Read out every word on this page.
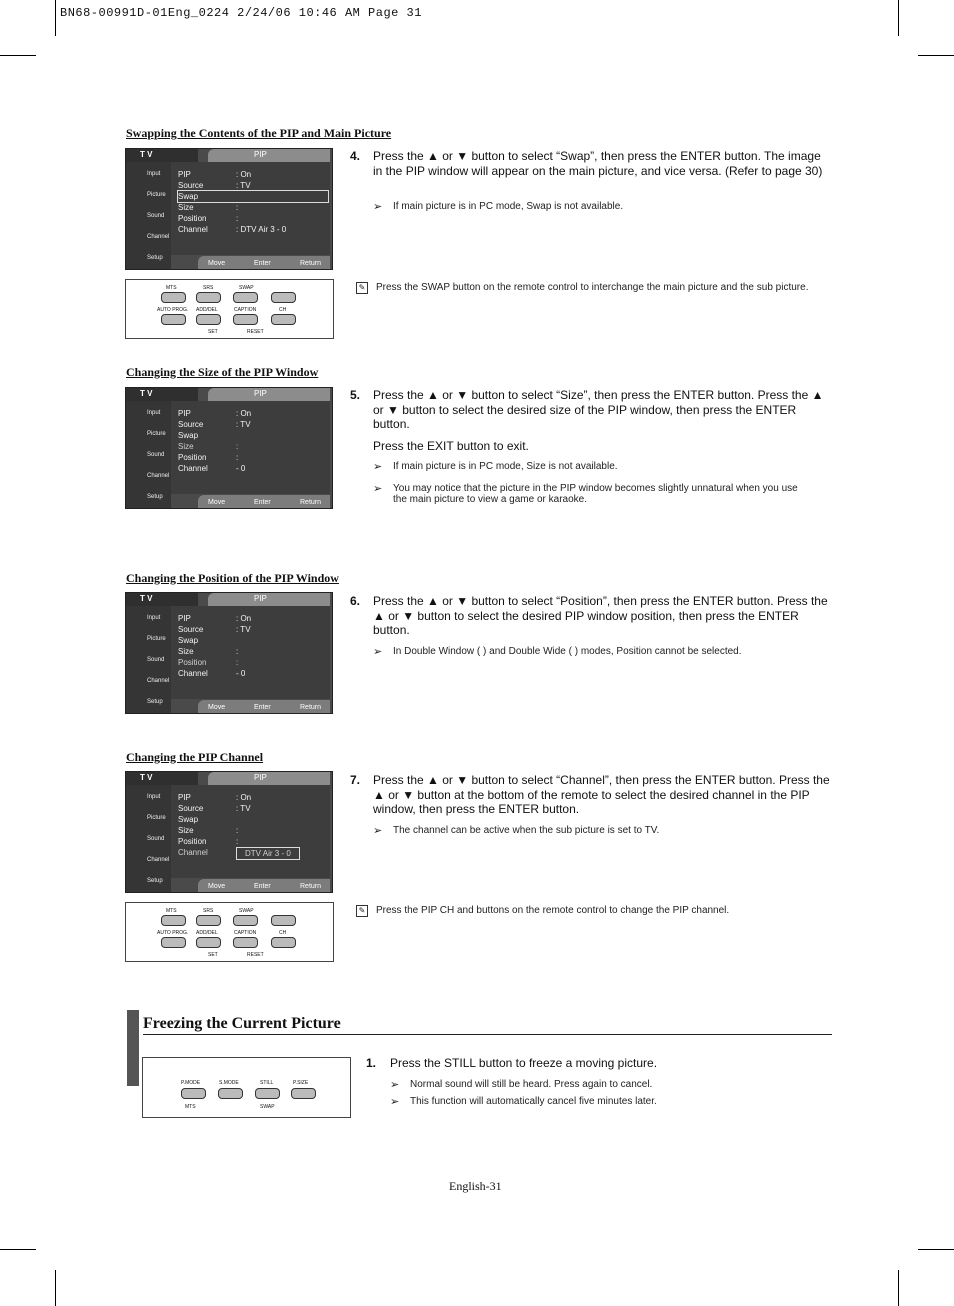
BN68-00991D-01Eng_0224 2/24/06 10:46 AM Page 31
Swapping the Contents of the PIP and Main Picture
Changing the Size of the PIP Window
Changing the Position of the PIP Window
Changing the PIP Channel
T V	PIP
Input
Picture
Sound
Channel
Setup
PIP	: On
Source	: TV
Swap
Size	:
Position	:
Channel	: DTV Air 3 - 0
Move	Enter	Return
T V	PIP
Input
Picture
Sound
Channel
Setup
PIP	: On
Source	: TV
Swap
Size	:
Position	:
Channel	- 0
Move	Enter	Return
T V	PIP
Input
Picture
Sound
Channel
Setup
PIP	: On
Source	: TV
Swap
Size	:
Position	:
Channel	- 0
Move	Enter	Return
T V	PIP
Input
Picture
Sound
Channel
Setup
PIP	: On
Source	: TV
Swap
Size	:
Position	:
Channel	DTV Air 3 - 0
Move	Enter	Return
MTS	SRS	SWAP
AUTO PROG. ADD/DEL	CAPTION	CH
SET	RESET
MTS	SRS	SWAP
AUTO PROG. ADD/DEL	CAPTION	CH
SET	RESET
4. Press the ▲ or ▼ button to select “Swap”, then press the ENTER button. The image in the PIP window will appear on the main picture, and vice versa. (Refer to page 30)
➢ If main picture is in PC mode, Swap is not available.
✎ Press the SWAP button on the remote control to interchange the main picture and the sub picture.
5. Press the ▲ or ▼ button to select “Size”, then press the ENTER button. Press the ▲ or ▼ button to select the desired size of the PIP window, then press the ENTER button.
Press the EXIT button to exit.
➢ If main picture is in PC mode, Size is not available.
➢ You may notice that the picture in the PIP window becomes slightly unnatural when you use the main picture to view a game or karaoke.
6. Press the ▲ or ▼ button to select “Position”, then press the ENTER button. Press the ▲ or ▼ button to select the desired PIP window position, then press the ENTER button.
➢ In Double Window ( ) and Double Wide ( ) modes, Position cannot be selected.
7. Press the ▲ or ▼ button to select “Channel”, then press the ENTER button. Press the ▲ or ▼ button at the bottom of the remote to select the desired channel in the PIP window, then press the ENTER button.
➢ The channel can be active when the sub picture is set to TV.
✎ Press the PIP CH and buttons on the remote control to change the PIP channel.
Freezing the Current Picture
P.MODE	S.MODE	STILL	P.SIZE
MTS	SWAP
1. Press the STILL button to freeze a moving picture.
➢ Normal sound will still be heard. Press again to cancel.
➢ This function will automatically cancel five minutes later.
English-31
